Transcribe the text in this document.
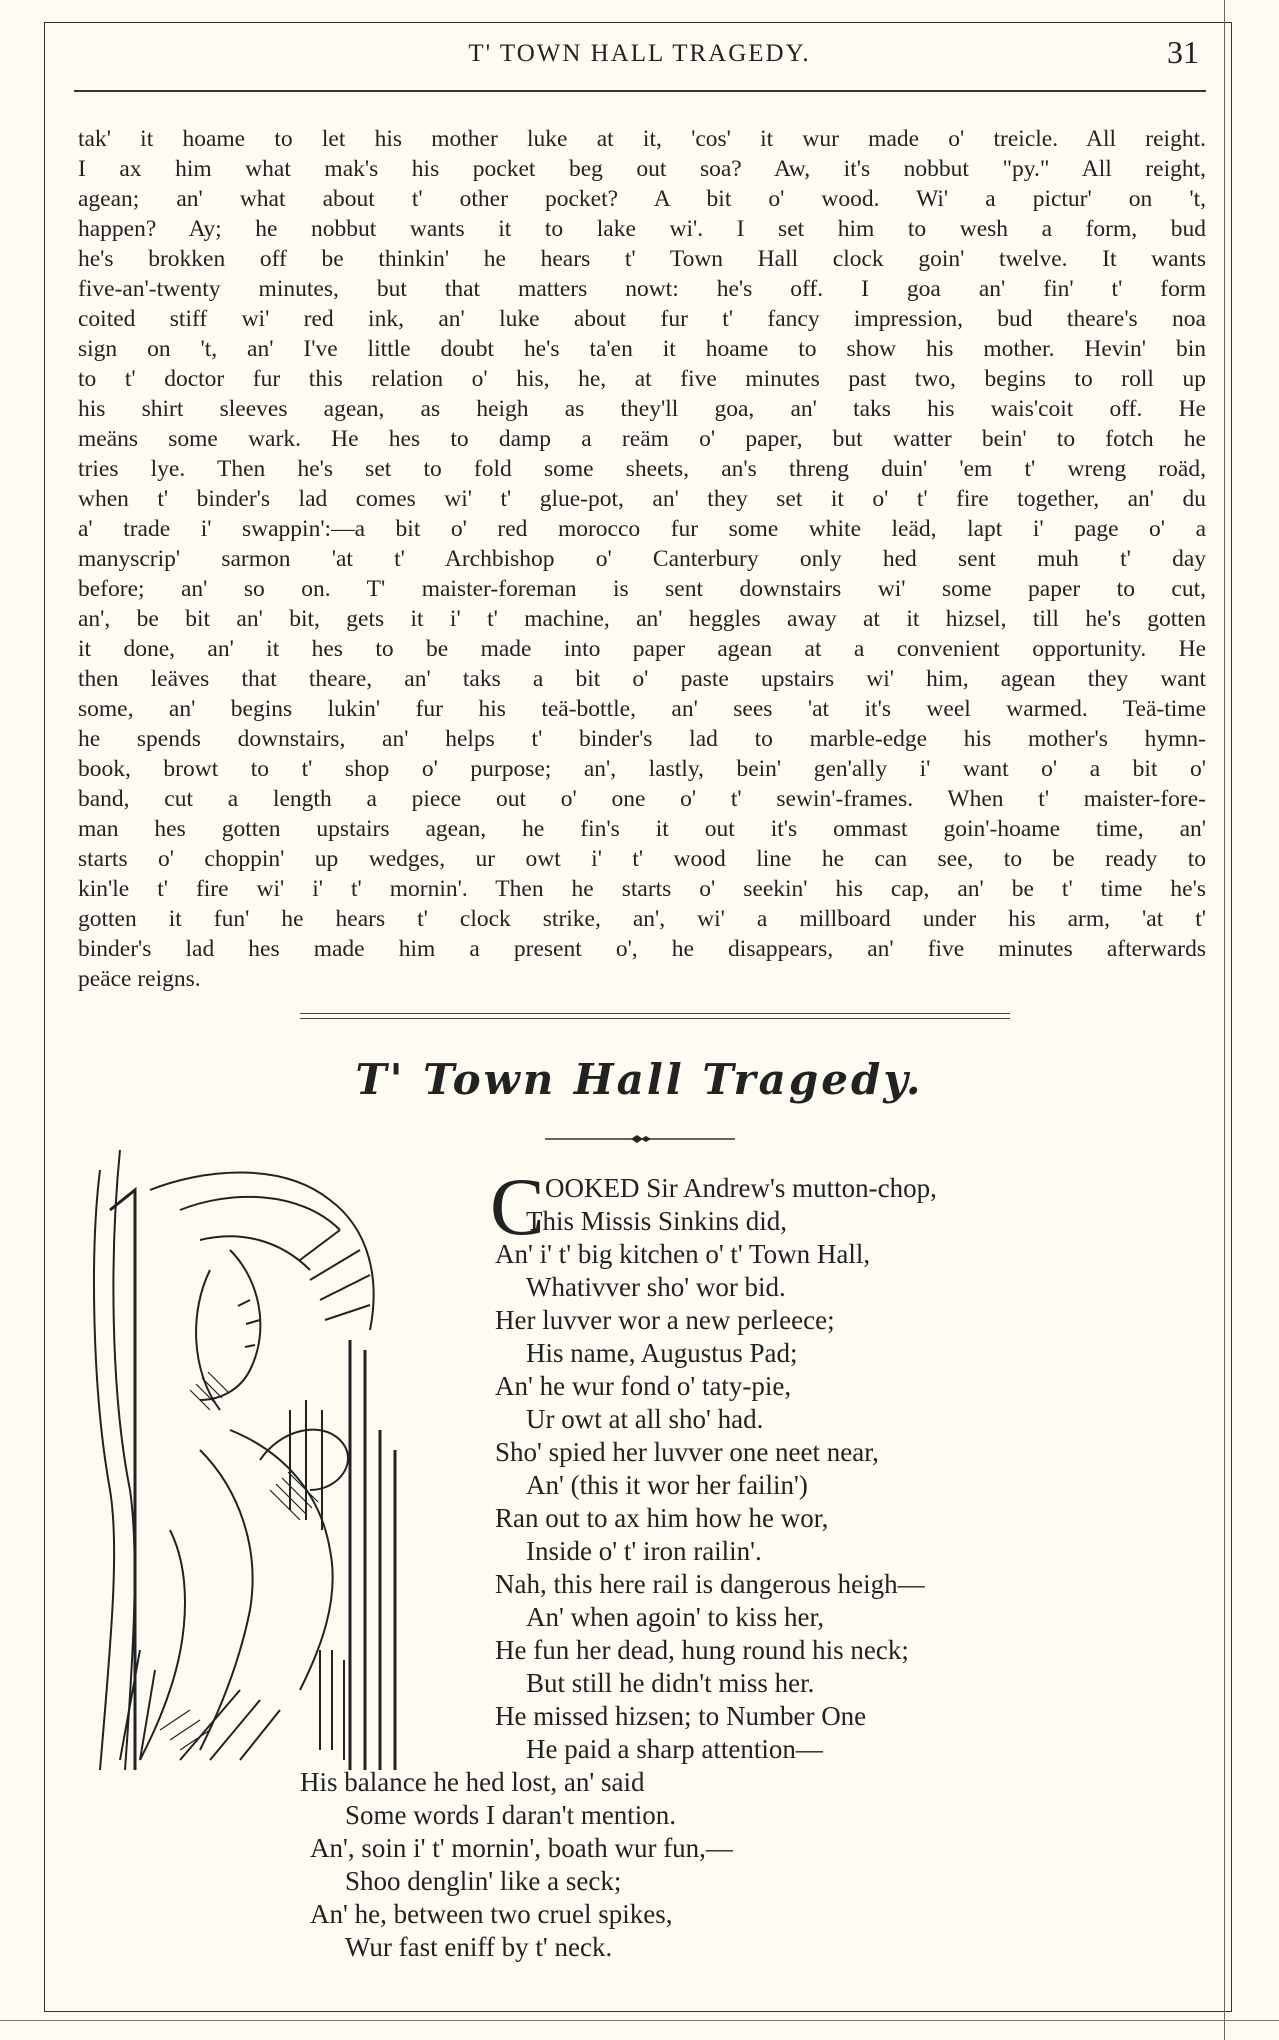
T' TOWN HALL TRAGEDY.	31
tak' it hoame to let his mother luke at it, 'cos' it wur made o' treicle. All reight.
I ax him what mak's his pocket beg out soa? Aw, it's nobbut "py." All reight,
agean; an' what about t' other pocket? A bit o' wood. Wi' a pictur' on 't,
happen? Ay; he nobbut wants it to lake wi'. I set him to wesh a form, bud
he's brokken off be thinkin' he hears t' Town Hall clock goin' twelve. It wants
five-an'-twenty minutes, but that matters nowt: he's off. I goa an' fin' t' form
coited stiff wi' red ink, an' luke about fur t' fancy impression, bud theare's noa
sign on 't, an' I've little doubt he's ta'en it hoame to show his mother. Hevin' bin
to t' doctor fur this relation o' his, he, at five minutes past two, begins to roll up
his shirt sleeves agean, as heigh as they'll goa, an' taks his wais'coit off. He
meäns some wark. He hes to damp a reäm o' paper, but watter bein' to fotch he
tries lye. Then he's set to fold some sheets, an's threng duin' 'em t' wreng roäd,
when t' binder's lad comes wi' t' glue-pot, an' they set it o' t' fire together, an' du
a' trade i' swappin':—a bit o' red morocco fur some white leäd, lapt i' page o' a
manyscrip' sarmon 'at t' Archbishop o' Canterbury only hed sent muh t' day
before; an' so on. T' maister-foreman is sent downstairs wi' some paper to cut,
an', be bit an' bit, gets it i' t' machine, an' heggles away at it hizsel, till he's gotten
it done, an' it hes to be made into paper agean at a convenient opportunity. He
then leäves that theare, an' taks a bit o' paste upstairs wi' him, agean they want
some, an' begins lukin' fur his teä-bottle, an' sees 'at it's weel warmed. Teä-time
he spends downstairs, an' helps t' binder's lad to marble-edge his mother's hymn-
book, browt to t' shop o' purpose; an', lastly, bein' gen'ally i' want o' a bit o'
band, cut a length a piece out o' one o' t' sewin'-frames. When t' maister-fore-
man hes gotten upstairs agean, he fin's it out it's ommast goin'-hoame time, an'
starts o' choppin' up wedges, ur owt i' t' wood line he can see, to be ready to
kin'le t' fire wi' i' t' mornin'. Then he starts o' seekin' his cap, an' be t' time he's
gotten it fun' he hears t' clock strike, an', wi' a millboard under his arm, 'at t'
binder's lad hes made him a present o', he disappears, an' five minutes afterwards
peäce reigns.
T' Town Hall Tragedy.
C OOKED Sir Andrew's mutton-chop,
This Missis Sinkins did,
An' i' t' big kitchen o' t' Town Hall,
Whativver sho' wor bid.
Her luvver wor a new perleece;
His name, Augustus Pad;
An' he wur fond o' taty-pie,
Ur owt at all sho' had.
Sho' spied her luvver one neet near,
An' (this it wor her failin')
Ran out to ax him how he wor,
Inside o' t' iron railin'.
Nah, this here rail is dangerous heigh—
An' when agoin' to kiss her,
He fun her dead, hung round his neck;
But still he didn't miss her.
He missed hizsen; to Number One
He paid a sharp attention—
His balance he hed lost, an' said
Some words I daran't mention.
An', soin i' t' mornin', boath wur fun,—
Shoo denglin' like a seck;
An' he, between two cruel spikes,
Wur fast eniff by t' neck.
